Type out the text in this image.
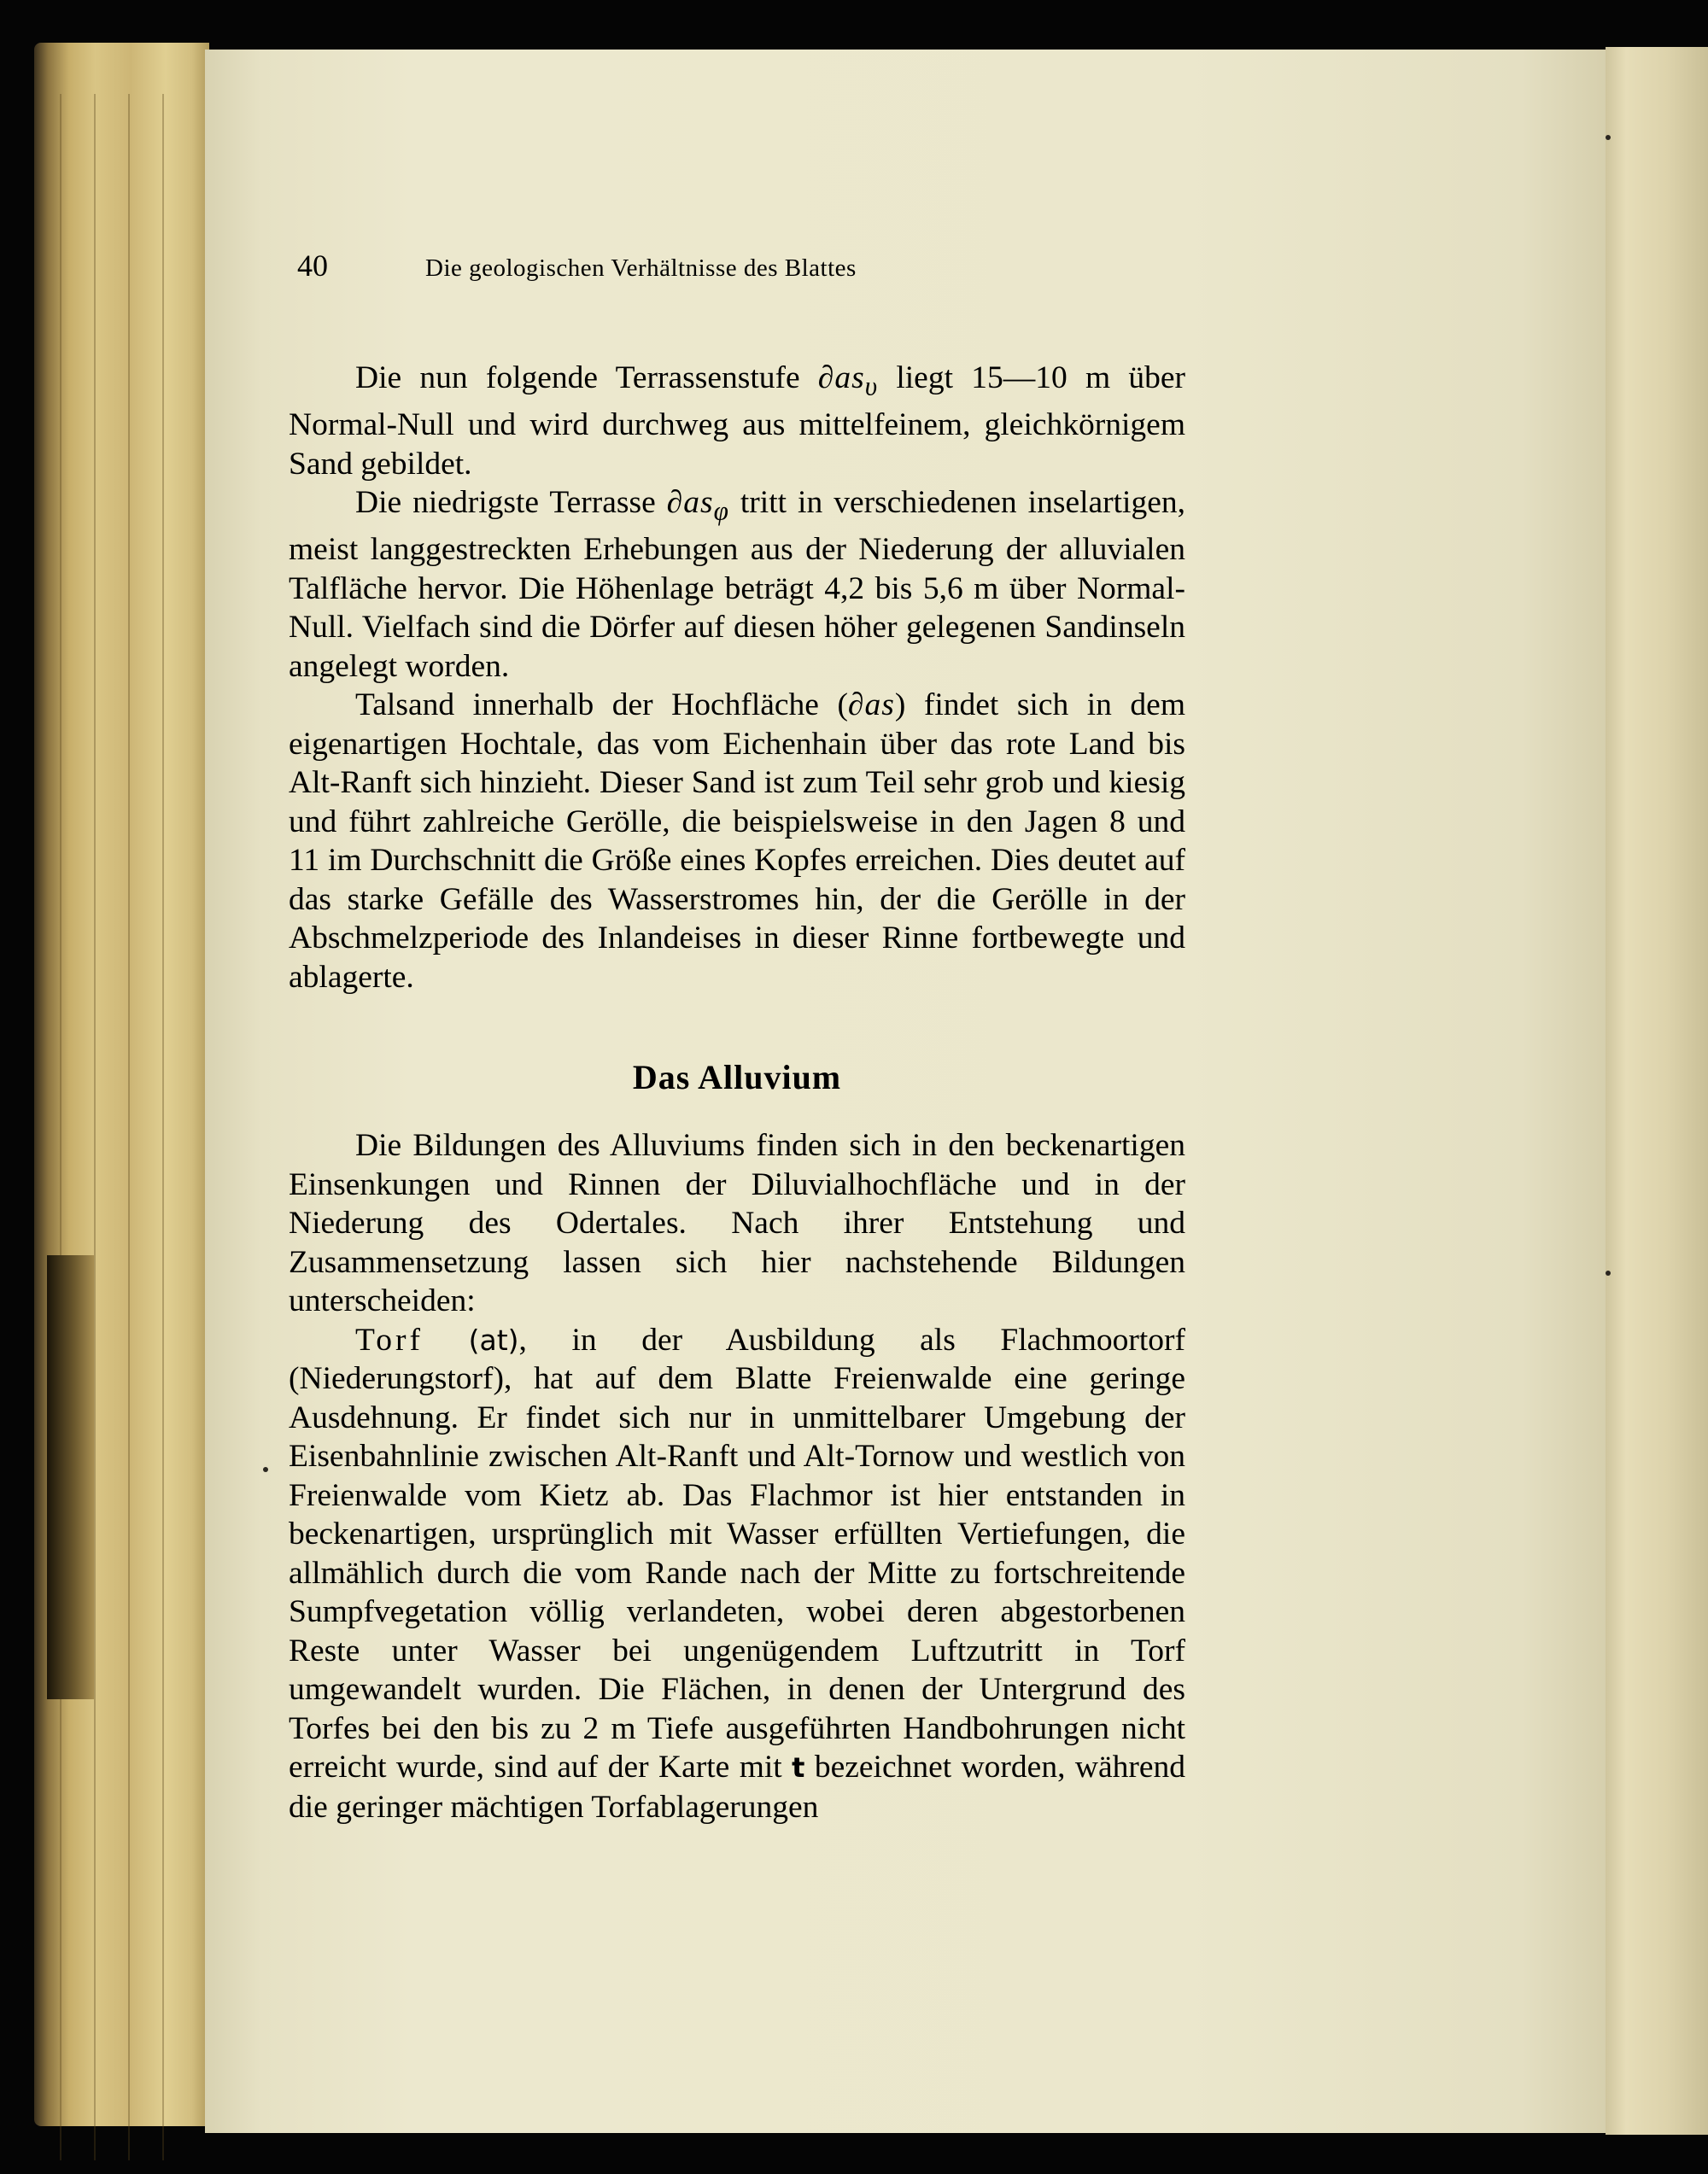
40	Die geologischen Verhältnisse des Blattes

Die nun folgende Terrassenstufe $\partial as_\upsilon$ liegt 15—10 m über Normal-Null und wird durchweg aus mittelfeinem, gleichkörnigem Sand gebildet.

Die niedrigste Terrasse $\partial as_\varphi$ tritt in verschiedenen inselartigen, meist langgestreckten Erhebungen aus der Niederung der alluvialen Talfläche hervor. Die Höhenlage beträgt 4,2 bis 5,6 m über Normal-Null. Vielfach sind die Dörfer auf diesen höher gelegenen Sandinseln angelegt worden.

Talsand innerhalb der Hochfläche (∂as) findet sich in dem eigenartigen Hochtale, das vom Eichenhain über das rote Land bis Alt-Ranft sich hinzieht. Dieser Sand ist zum Teil sehr grob und kiesig und führt zahlreiche Gerölle, die beispielsweise in den Jagen 8 und 11 im Durchschnitt die Größe eines Kopfes erreichen. Dies deutet auf das starke Gefälle des Wasserstromes hin, der die Gerölle in der Abschmelzperiode des Inlandeises in dieser Rinne fortbewegte und ablagerte.

Das Alluvium

Die Bildungen des Alluviums finden sich in den beckenartigen Einsenkungen und Rinnen der Diluvialhochfläche und in der Niederung des Odertales. Nach ihrer Entstehung und Zusammensetzung lassen sich hier nachstehende Bildungen unterscheiden:

Torf (at), in der Ausbildung als Flachmoortorf (Niederungstorf), hat auf dem Blatte Freienwalde eine geringe Ausdehnung. Er findet sich nur in unmittelbarer Umgebung der Eisenbahnlinie zwischen Alt-Ranft und Alt-Tornow und westlich von Freienwalde vom Kietz ab. Das Flachmor ist hier entstanden in beckenartigen, ursprünglich mit Wasser erfüllten Vertiefungen, die allmählich durch die vom Rande nach der Mitte zu fortschreitende Sumpfvegetation völlig verlandeten, wobei deren abgestorbenen Reste unter Wasser bei ungenügendem Luftzutritt in Torf umgewandelt wurden. Die Flächen, in denen der Untergrund des Torfes bei den bis zu 2 m Tiefe ausgeführten Handbohrungen nicht erreicht wurde, sind auf der Karte mit t bezeichnet worden, während die geringer mächtigen Torfablagerungen
